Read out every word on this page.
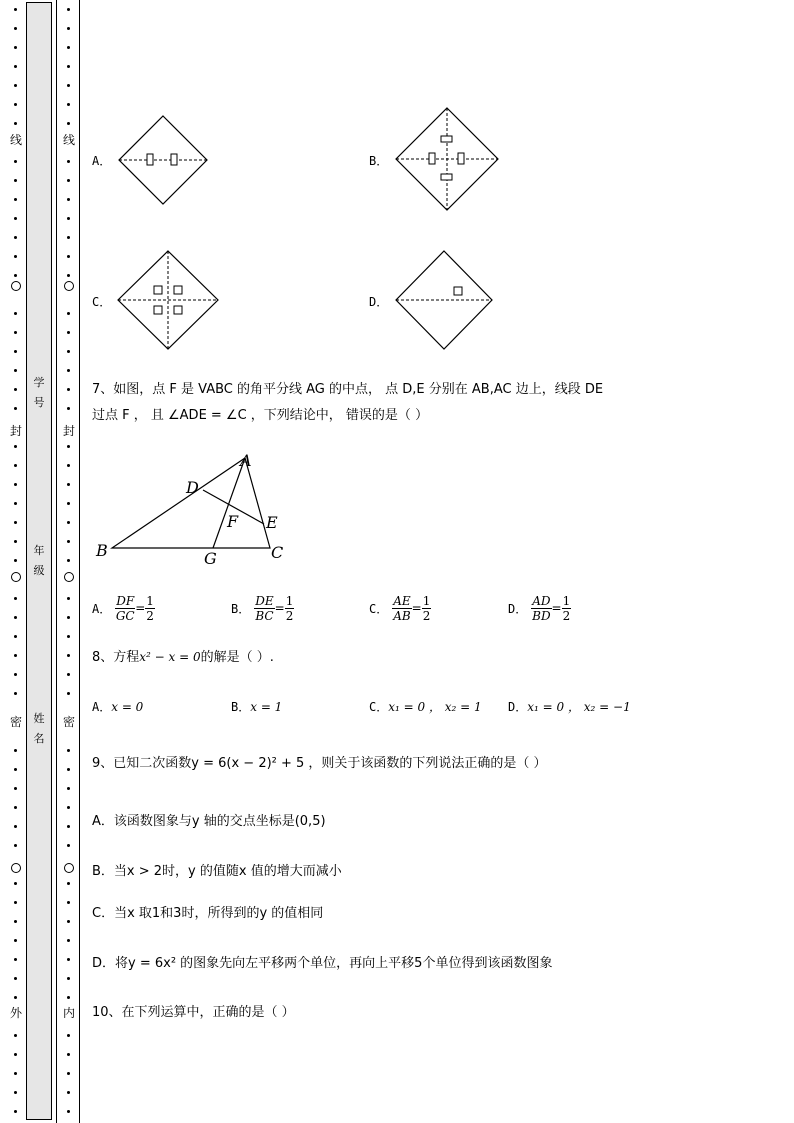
学号
年级
姓名
线
封
密
外
线
封
密
内
A．	B．
C．	D．
7、如图，点 F 是 VABC 的角平分线 AG 的中点， 点 D,E 分别在 AB,AC 边上，线段 DE
过点 F ， 且 ∠ADE = ∠C ，下列结论中， 错误的是（ ）
A
B	C
D
E
F
G
A． $\frac{DF}{GC} = \frac{1}{2}$	B． $\frac{DE}{BC} = \frac{1}{2}$	C． $\frac{AE}{AB} = \frac{1}{2}$	D． $\frac{AD}{BD} = \frac{1}{2}$
8、方程x² − x = 0的解是（ ）.
A．x = 0	B．x = 1	C．x₁ = 0 ， x₂ = 1 D．x₁ = 0 ， x₂ = −1
9、已知二次函数y = 6(x − 2)² + 5 ，则关于该函数的下列说法正确的是（ ）
A．该函数图象与y 轴的交点坐标是(0,5)
B．当x > 2时，y 的值随x 值的增大而减小
C．当x 取1和3时，所得到的y 的值相同
D．将y = 6x² 的图象先向左平移两个单位，再向上平移5个单位得到该函数图象
10、在下列运算中，正确的是（ ）
